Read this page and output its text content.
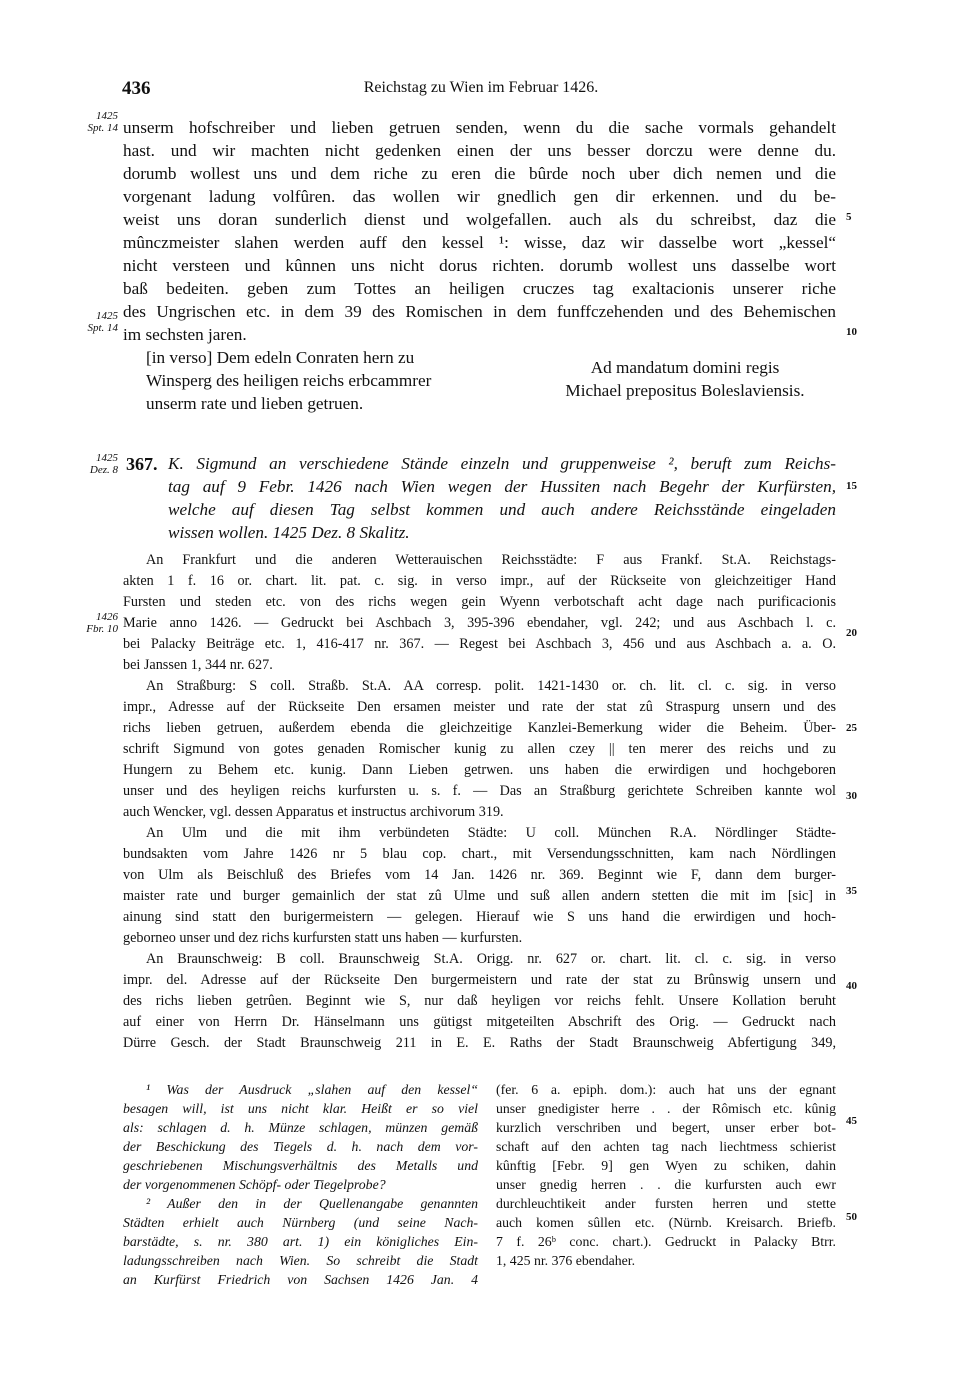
436	Reichstag zu Wien im Februar 1426.
1425
Spt. 14
1425
Spt. 14
1425
Dez. 8
1426
Fbr. 10
5
10
15
20
25
30
35
40
45
50
unserm hofschreiber und lieben getruen senden, wenn du die sache vormals gehandelt
hast. und wir machten nicht gedenken einen der uns besser dorczu were denne du.
dorumb wollest uns und dem riche zu eren die bûrde noch uber dich nemen und die
vorgenant ladung volfûren. das wollen wir gnedlich gen dir erkennen. und du be-
weist uns doran sunderlich dienst und wolgefallen. auch als du schreibst, daz die
mûnczmeister slahen werden auff den kessel ¹: wisse, daz wir dasselbe wort „kessel“
nicht versteen und kûnnen uns nicht dorus richten. dorumb wollest uns dasselbe wort
baß bedeiten. geben zum Tottes an heiligen cruczes tag exaltacionis unserer riche
des Ungrischen etc. in dem 39 des Romischen in dem funffczehenden und des Behemischen
im sechsten jaren.
[in verso] Dem edeln Conraten hern zu
Winsperg des heiligen reichs erbcammrer
unserm rate und lieben getruen.
Ad mandatum domini regis
Michael prepositus Boleslaviensis.
367. K. Sigmund an verschiedene Stände einzeln und gruppenweise ², beruft zum Reichs-
tag auf 9 Febr. 1426 nach Wien wegen der Hussiten nach Begehr der Kurfürsten,
welche auf diesen Tag selbst kommen und auch andere Reichsstände eingeladen
wissen wollen. 1425 Dez. 8 Skalitz.
An Frankfurt und die anderen Wetterauischen Reichsstädte: F aus Frankf. St.A. Reichstags-
akten 1 f. 16 or. chart. lit. pat. c. sig. in verso impr., auf der Rückseite von gleichzeitiger Hand
Fursten und steden etc. von des richs wegen gein Wyenn verbotschaft acht dage nach purificacionis
Marie anno 1426. — Gedruckt bei Aschbach 3, 395-396 ebendaher, vgl. 242; und aus Aschbach l. c.
bei Palacky Beiträge etc. 1, 416-417 nr. 367. — Regest bei Aschbach 3, 456 und aus Aschbach a. a. O.
bei Janssen 1, 344 nr. 627.
An Straßburg: S coll. Straßb. St.A. AA corresp. polit. 1421-1430 or. ch. lit. cl. c. sig. in verso
impr., Adresse auf der Rückseite Den ersamen meister und rate der stat zû Straspurg unsern und des
richs lieben getruen, außerdem ebenda die gleichzeitige Kanzlei-Bemerkung wider die Beheim. Über-
schrift Sigmund von gotes genaden Romischer kunig zu allen czey || ten merer des reichs und zu
Hungern zu Behem etc. kunig. Dann Lieben getrwen. uns haben die erwirdigen und hochgeboren
unser und des heyligen reichs kurfursten u. s. f. — Das an Straßburg gerichtete Schreiben kannte wol
auch Wencker, vgl. dessen Apparatus et instructus archivorum 319.
An Ulm und die mit ihm verbündeten Städte: U coll. München R.A. Nördlinger Städte-
bundsakten vom Jahre 1426 nr 5 blau cop. chart., mit Versendungsschnitten, kam nach Nördlingen
von Ulm als Beischluß des Briefes vom 14 Jan. 1426 nr. 369. Beginnt wie F, dann dem burger-
maister rate und burger gemainlich der stat zû Ulme und suß allen andern stetten die mit im [sic] in
ainung sind statt den burigermeistern — gelegen. Hierauf wie S uns hand die erwirdigen und hoch-
geborneo unser und dez richs kurfursten statt uns haben — kurfursten.
An Braunschweig: B coll. Braunschweig St.A. Origg. nr. 627 or. chart. lit. cl. c. sig. in verso
impr. del. Adresse auf der Rückseite Den burgermeistern und rate der stat zu Brûnswig unsern und
des richs lieben getrûen. Beginnt wie S, nur daß heyligen vor reichs fehlt. Unsere Kollation beruht
auf einer von Herrn Dr. Hänselmann uns gütigst mitgeteilten Abschrift des Orig. — Gedruckt nach
Dürre Gesch. der Stadt Braunschweig 211 in E. E. Raths der Stadt Braunschweig Abfertigung 349,
¹ Was der Ausdruck „slahen auf den kessel“
besagen will, ist uns nicht klar. Heißt er so viel
als: schlagen d. h. Münze schlagen, münzen gemäß
der Beschickung des Tiegels d. h. nach dem vor-
geschriebenen Mischungsverhältnis des Metalls und
der vorgenommenen Schöpf- oder Tiegelprobe?
² Außer den in der Quellenangabe genannten
Städten erhielt auch Nürnberg (und seine Nach-
barstädte, s. nr. 380 art. 1) ein königliches Ein-
ladungsschreiben nach Wien. So schreibt die Stadt
an Kurfürst Friedrich von Sachsen 1426 Jan. 4
(fer. 6 a. epiph. dom.): auch hat uns der egnant
unser gnedigister herre . . der Rômisch etc. kûnig
kurzlich verschriben und begert, unser erber bot-
schaft auf den achten tag nach liechtmess schierist
kûnftig [Febr. 9] gen Wyen zu schiken, dahin
unser gnedig herren . . die kurfursten auch ewr
durchleuchtikeit ander fursten herren und stette
auch komen sûllen etc. (Nürnb. Kreisarch. Briefb.
7 f. 26ᵇ conc. chart.). Gedruckt in Palacky Btrr.
1, 425 nr. 376 ebendaher.
